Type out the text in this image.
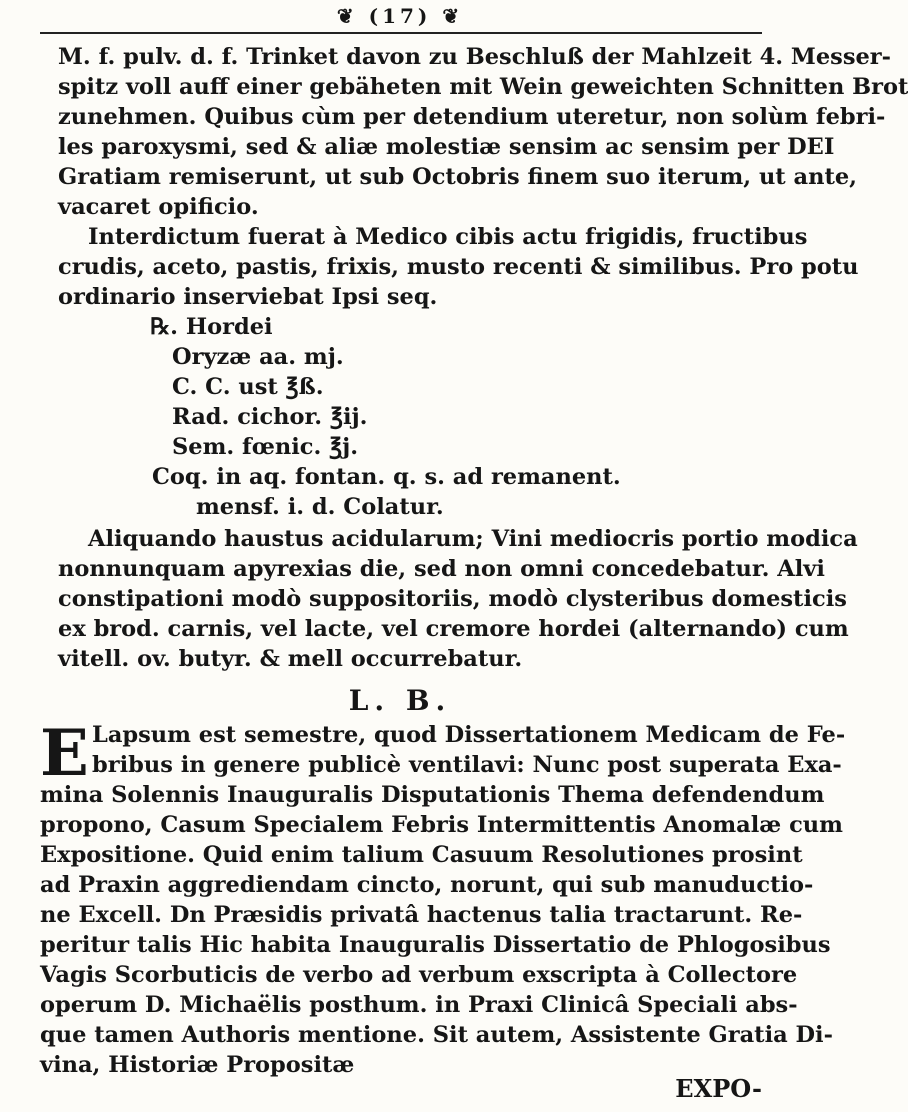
❦ (17) ❦
M. f. pulv. d. f. Trinket davon zu Beschluß der Mahlzeit 4. Messer-
spitz voll auff einer gebäheten mit Wein geweichten Schnitten Brot
zunehmen. Quibus cùm per detendium uteretur, non solùm febri-
les paroxysmi, sed & aliæ molestiæ sensim ac sensim per DEI
Gratiam remiserunt, ut sub Octobris finem suo iterum, ut ante,
vacaret opificio.
Interdictum fuerat à Medico cibis actu frigidis, fructibus
crudis, aceto, pastis, frixis, musto recenti & similibus. Pro potu
ordinario inserviebat Ipsi seq.
℞. Hordei
Oryzæ aa. mj.
C. C. ust ℥ß.
Rad. cichor. ℥ij.
Sem. fœnic. ℥j.
Coq. in aq. fontan. q. s. ad remanent.
mensf. i. d. Colatur.
Aliquando haustus acidularum; Vini mediocris portio modica
nonnunquam apyrexias die, sed non omni concedebatur. Alvi
constipationi modò suppositoriis, modò clysteribus domesticis
ex brod. carnis, vel lacte, vel cremore hordei (alternando) cum
vitell. ov. butyr. & mell occurrebatur.
L. B.
E Lapsum est semestre, quod Dissertationem Medicam de Fe-
bribus in genere publicè ventilavi: Nunc post superata Exa-
mina Solennis Inauguralis Disputationis Thema defendendum
propono, Casum Specialem Febris Intermittentis Anomalæ cum
Expositione. Quid enim talium Casuum Resolutiones prosint
ad Praxin aggrediendam cincto, norunt, qui sub manuductio-
ne Excell. Dn Præsidis privatâ hactenus talia tractarunt. Re-
peritur talis Hic habita Inauguralis Dissertatio de Phlogosibus
Vagis Scorbuticis de verbo ad verbum exscripta à Collectore
operum D. Michaëlis posthum. in Praxi Clinicâ Speciali abs-
que tamen Authoris mentione. Sit autem, Assistente Gratia Di-
vina, Historiæ Propositæ
EXPO-
